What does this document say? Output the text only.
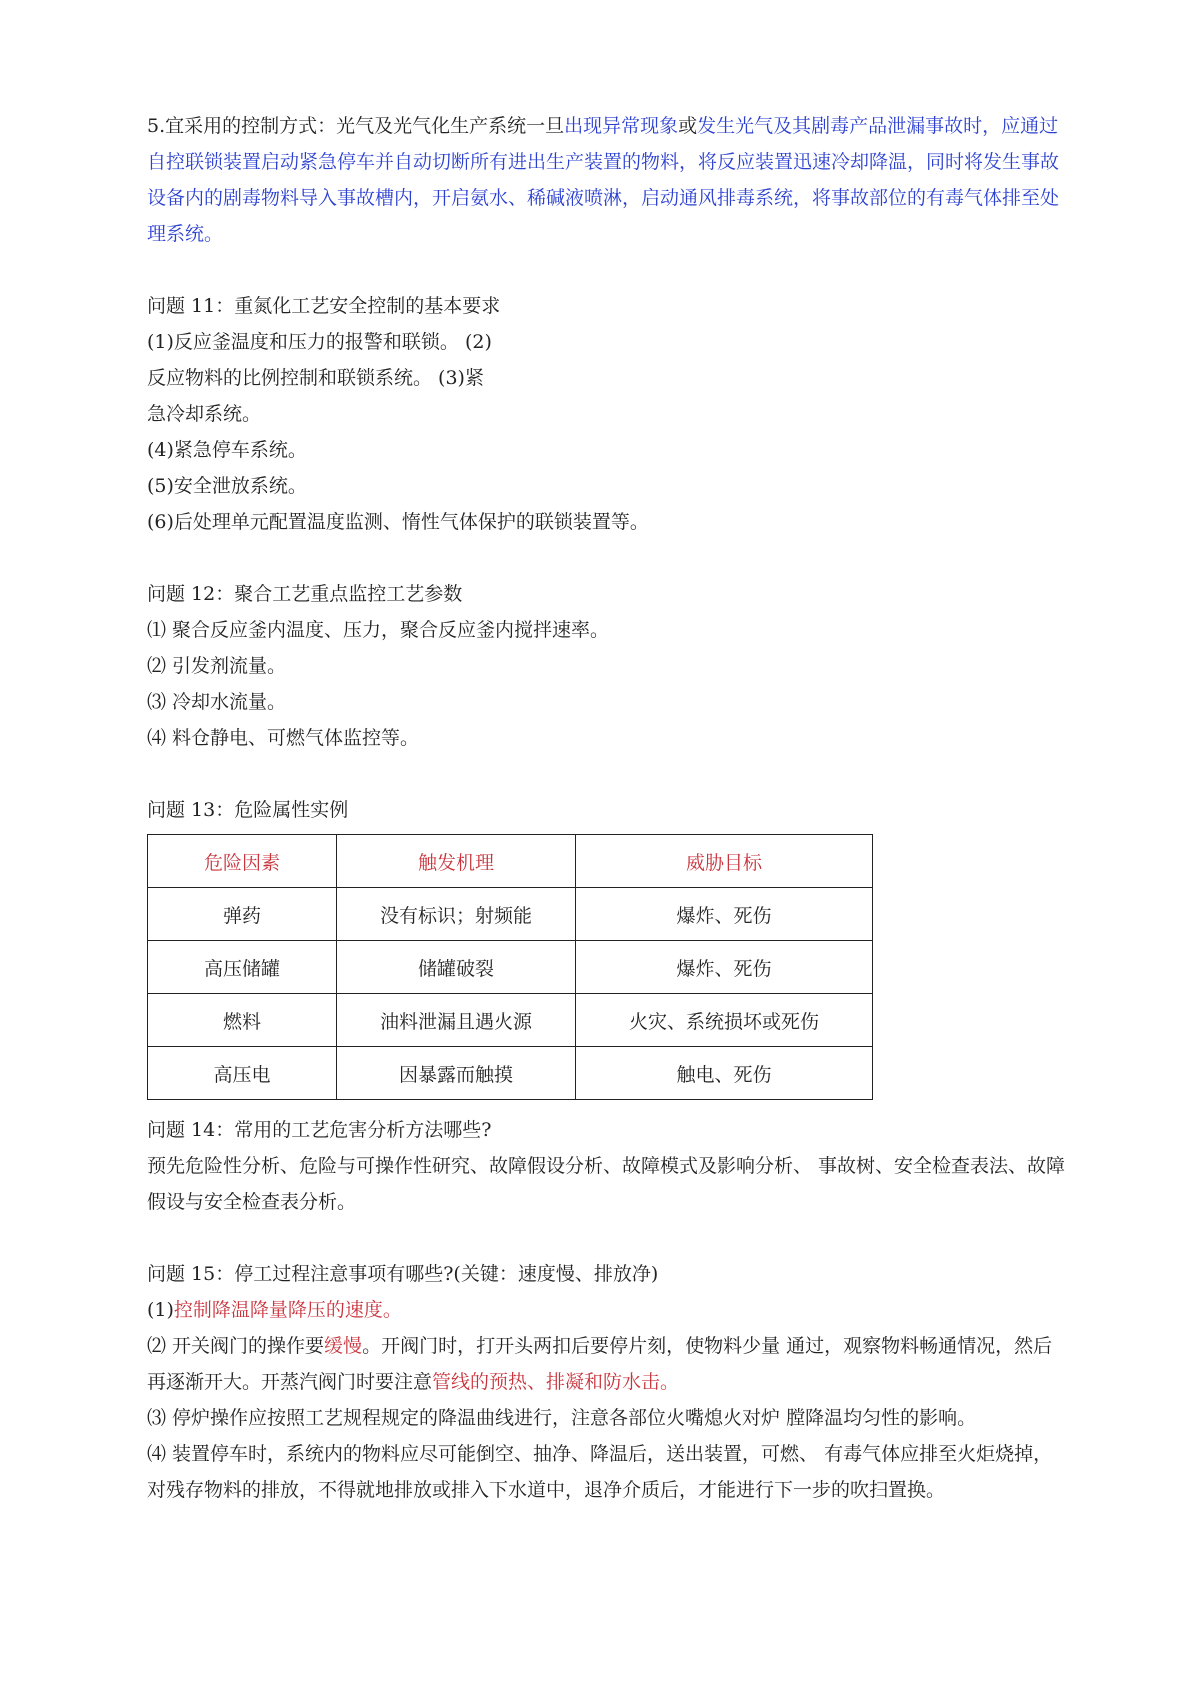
5.宜采用的控制方式：光气及光气化生产系统一旦出现异常现象或发生光气及其剧毒产品泄漏事故时，应通过自控联锁装置启动紧急停车并自动切断所有进出生产装置的物料，将反应装置迅速冷却降温，同时将发生事故设备内的剧毒物料导入事故槽内，开启氨水、稀碱液喷淋，启动通风排毒系统，将事故部位的有毒气体排至处理系统。

问题 11：重氮化工艺安全控制的基本要求

(1)反应釜温度和压力的报警和联锁。 (2)

反应物料的比例控制和联锁系统。 (3)紧

急冷却系统。

(4)紧急停车系统。

(5)安全泄放系统。

(6)后处理单元配置温度监测、惰性气体保护的联锁装置等。

问题 12：聚合工艺重点监控工艺参数

⑴ 聚合反应釜内温度、压力，聚合反应釜内搅拌速率。

⑵ 引发剂流量。

⑶ 冷却水流量。

⑷ 料仓静电、可燃气体监控等。

问题 13：危险属性实例

危险因素	触发机理	威胁目标
弹药	没有标识；射频能	爆炸、死伤
高压储罐	储罐破裂	爆炸、死伤
燃料	油料泄漏且遇火源	火灾、系统损坏或死伤
高压电	因暴露而触摸	触电、死伤

问题 14：常用的工艺危害分析方法哪些?

预先危险性分析、危险与可操作性研究、故障假设分析、故障模式及影响分析、 事故树、安全检查表法、故障假设与安全检查表分析。

问题 15：停工过程注意事项有哪些?(关键：速度慢、排放净)

(1)控制降温降量降压的速度。

⑵ 开关阀门的操作要缓慢。开阀门时，打开头两扣后要停片刻，使物料少量 通过，观察物料畅通情况，然后再逐渐开大。开蒸汽阀门时要注意管线的预热、排凝和防水击。

⑶ 停炉操作应按照工艺规程规定的降温曲线进行，注意各部位火嘴熄火对炉 膛降温均匀性的影响。

⑷ 装置停车时，系统内的物料应尽可能倒空、抽净、降温后，送出装置，可燃、 有毒气体应排至火炬烧掉，对残存物料的排放，不得就地排放或排入下水道中，退净介质后，才能进行下一步的吹扫置换。
